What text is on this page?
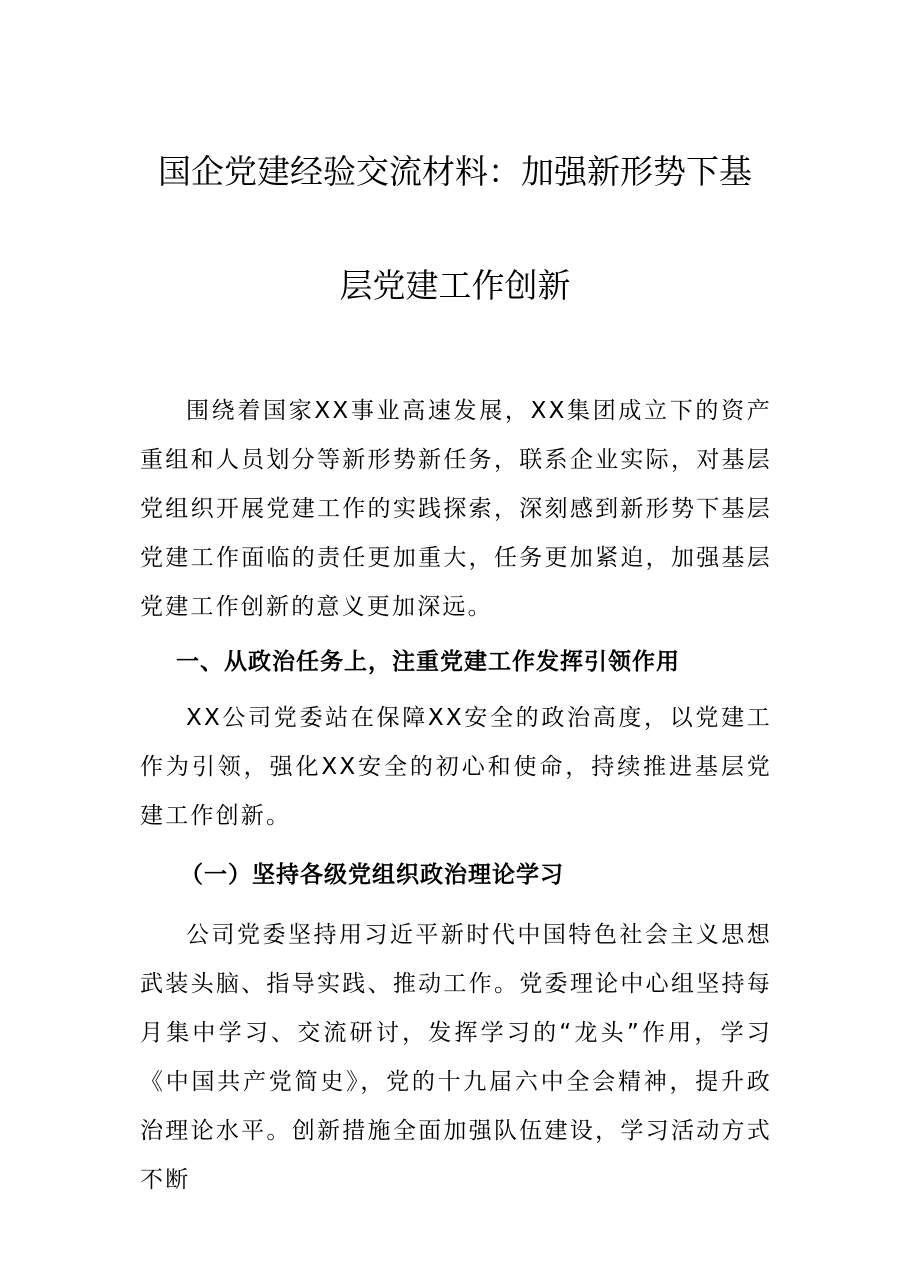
国企党建经验交流材料：加强新形势下基
层党建工作创新

围绕着国家XX事业高速发展，XX集团成立下的资产重组和人员划分等新形势新任务，联系企业实际，对基层党组织开展党建工作的实践探索，深刻感到新形势下基层党建工作面临的责任更加重大，任务更加紧迫，加强基层党建工作创新的意义更加深远。

一、从政治任务上，注重党建工作发挥引领作用

XX公司党委站在保障XX安全的政治高度，以党建工作为引领，强化XX安全的初心和使命，持续推进基层党建工作创新。

（一）坚持各级党组织政治理论学习

公司党委坚持用习近平新时代中国特色社会主义思想武装头脑、指导实践、推动工作。党委理论中心组坚持每月集中学习、交流研讨，发挥学习的“龙头”作用，学习《中国共产党简史》，党的十九届六中全会精神，提升政治理论水平。创新措施全面加强队伍建设，学习活动方式不断
